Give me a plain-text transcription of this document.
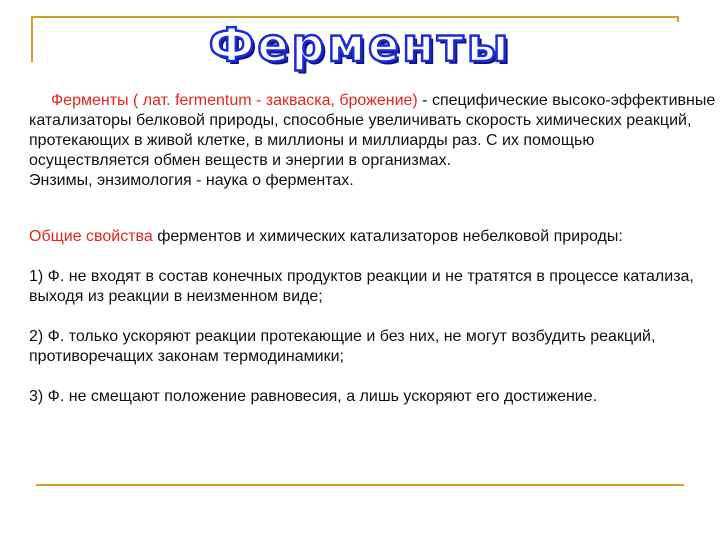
Ферменты

Ферменты ( лат. fermentum - закваска, брожение) - специфические высоко-эффективные катализаторы белковой природы, способные увеличивать скорость химических реакций, протекающих в живой клетке, в миллионы и миллиарды раз. С их помощью осуществляется обмен веществ и энергии в организмах.

Энзимы, энзимология - наука о ферментах.

Общие свойства ферментов и химических катализаторов небелковой природы:

1) Ф. не входят в состав конечных продуктов реакции и не тратятся в процессе катализа, выходя из реакции в неизменном виде;

2) Ф. только ускоряют реакции протекающие и без них, не могут возбудить реакций, противоречащих законам термодинамики;

3) Ф. не смещают положение равновесия, а лишь ускоряют его достижение.
